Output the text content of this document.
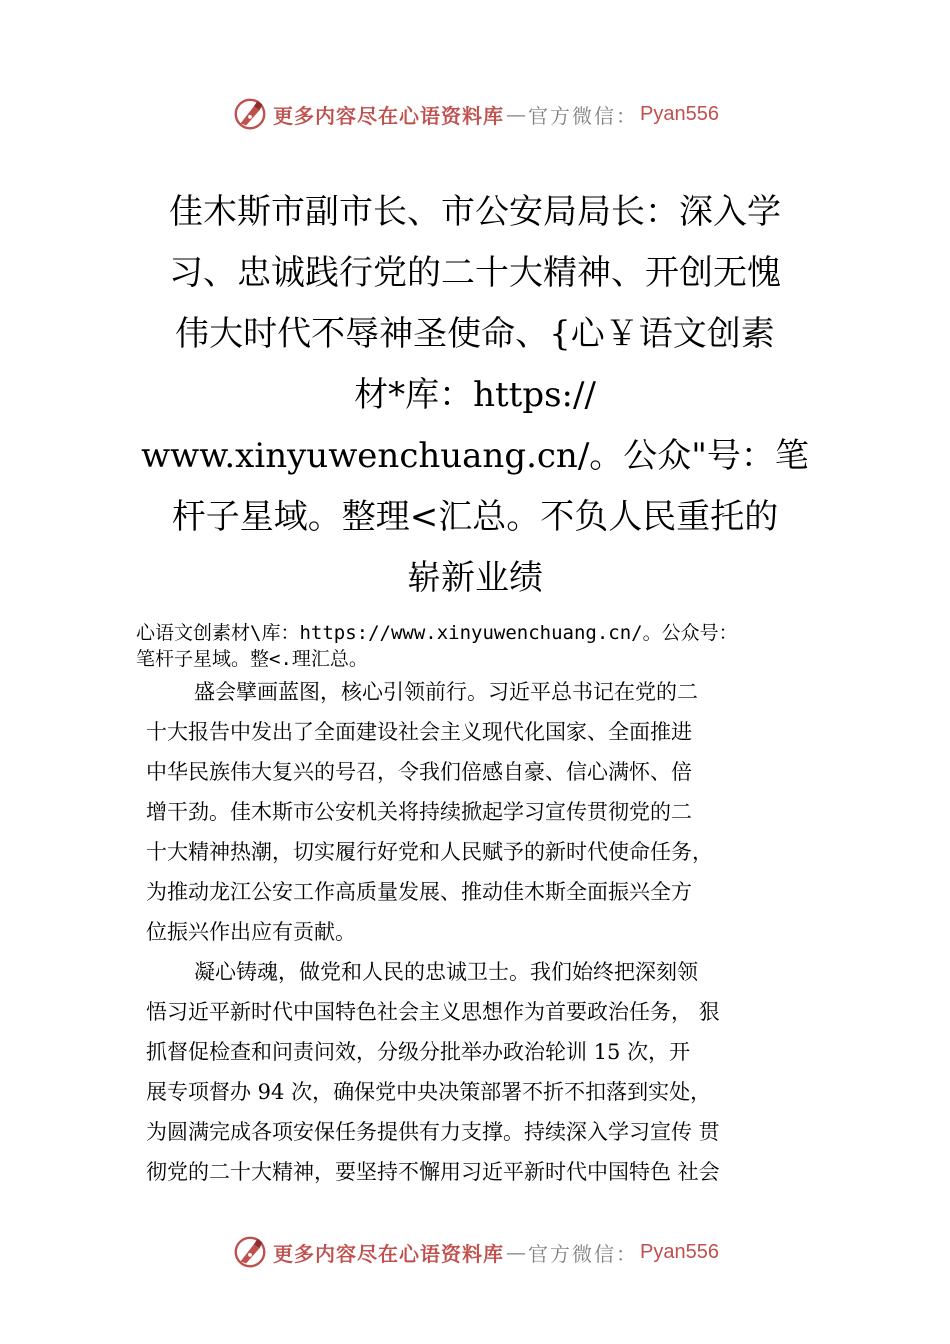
更多内容尽在心语资料库 — 官方微信： Pyan556
佳木斯市副市长、市公安局局长：深入学
习、忠诚践行党的二十大精神、开创无愧
伟大时代不辱神圣使命、{心￥语文创素
材*库：https://
www.xinyuwenchuang.cn/。公众"号：笔
杆子星域。整理<汇总。不负人民重托的
崭新业绩
心语文创素材\库：https://www.xinyuwenchuang.cn/。公众号：
笔杆子星域。整<.理汇总。

盛会擘画蓝图，核心引领前行。习近平总书记在党的二
十大报告中发出了全面建设社会主义现代化国家、全面推进
中华民族伟大复兴的号召，令我们倍感自豪、信心满怀、倍
增干劲。佳木斯市公安机关将持续掀起学习宣传贯彻党的二
十大精神热潮，切实履行好党和人民赋予的新时代使命任务，
为推动龙江公安工作高质量发展、推动佳木斯全面振兴全方
位振兴作出应有贡献。

凝心铸魂，做党和人民的忠诚卫士。我们始终把深刻领
悟习近平新时代中国特色社会主义思想作为首要政治任务， 狠
抓督促检查和问责问效，分级分批举办政治轮训 15 次，开
展专项督办 94 次，确保党中央决策部署不折不扣落到实处，
为圆满完成各项安保任务提供有力支撑。持续深入学习宣传 贯
彻党的二十大精神，要坚持不懈用习近平新时代中国特色 社会

更多内容尽在心语资料库 — 官方微信： Pyan556
